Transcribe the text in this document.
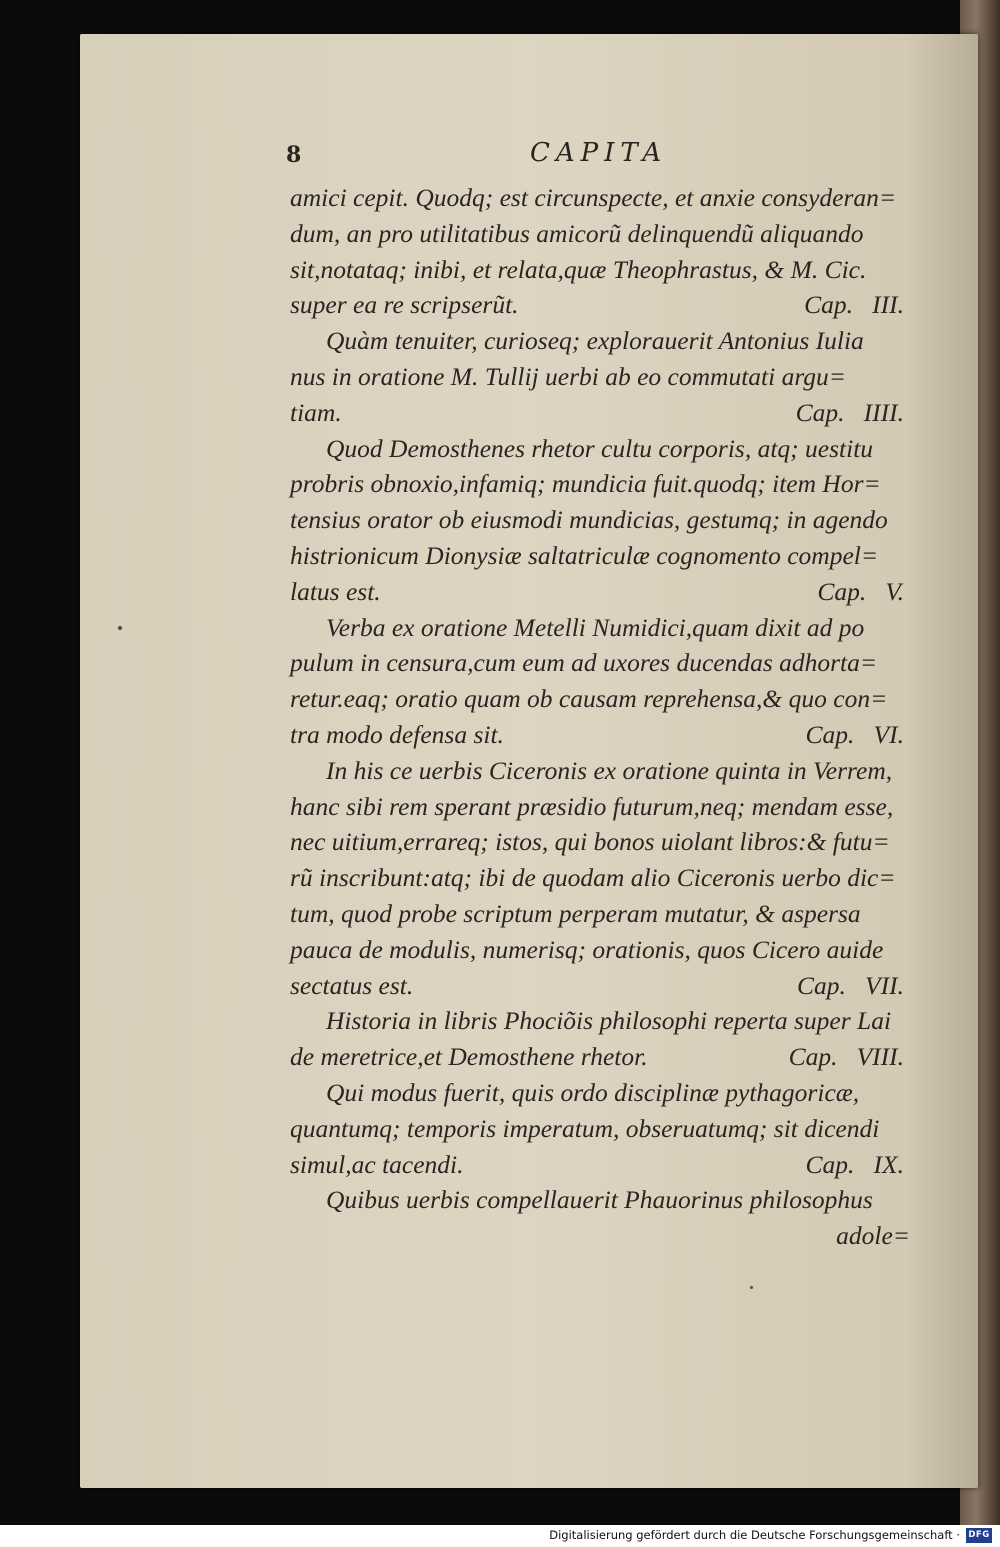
8	CAPITA
amici cepit. Quodq; est circunspecte, et anxie consyderan=
dum, an pro utilitatibus amicorũ delinquendũ aliquando
sit,notataq; inibi, et relata,quæ Theophrastus, & M. Cic.
super ea re scripserũt.	Cap.   III.
Quàm tenuiter, curioseq; explorauerit Antonius Iulia
nus in oratione M. Tullij uerbi ab eo commutati argu=
tiam.	Cap.   IIII.
Quod Demosthenes rhetor cultu corporis, atq; uestitu
probris obnoxio,infamiq; mundicia fuit.quodq; item Hor=
tensius orator ob eiusmodi mundicias, gestumq; in agendo
histrionicum Dionysiæ saltatriculæ cognomento compel=
latus est.	Cap.   V.
Verba ex oratione Metelli Numidici,quam dixit ad po
pulum in censura,cum eum ad uxores ducendas adhorta=
retur.eaq; oratio quam ob causam reprehensa,& quo con=
tra modo defensa sit.	Cap.   VI.
In his ce uerbis Ciceronis ex oratione quinta in Verrem,
hanc sibi rem sperant præsidio futurum,neq; mendam esse,
nec uitium,errareq; istos, qui bonos uiolant libros:& futu=
rũ inscribunt:atq; ibi de quodam alio Ciceronis uerbo dic=
tum, quod probe scriptum perperam mutatur, & aspersa
pauca de modulis, numerisq; orationis, quos Cicero auide
sectatus est.	Cap.   VII.
Historia in libris Phociõis philosophi reperta super Lai
de meretrice,et Demosthene rhetor.	Cap.   VIII.
Qui modus fuerit, quis ordo disciplinæ pythagoricæ,
quantumq; temporis imperatum, obseruatumq; sit dicendi
simul,ac tacendi.	Cap.   IX.
Quibus uerbis compellauerit Phauorinus philosophus
adole=
Digitalisierung gefördert durch die Deutsche Forschungsgemeinschaft · DFG
